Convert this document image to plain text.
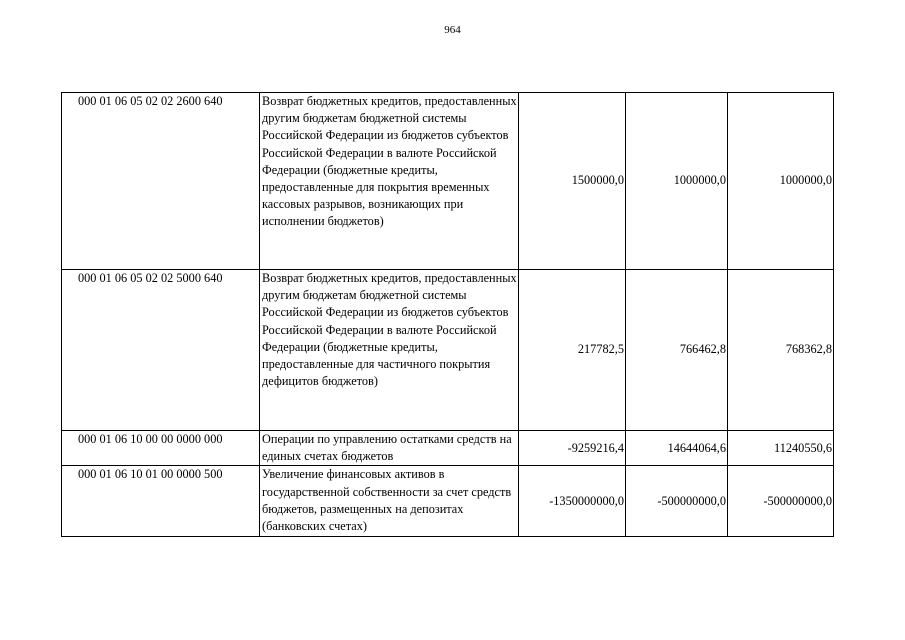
964
000 01 06 05 02 02 2600 640	Возврат бюджетных кредитов, предоставленных другим бюджетам бюджетной системы Российской Федерации из бюджетов субъектов Российской Федерации в валюте Российской Федерации (бюджетные кредиты, предоставленные для покрытия временных кассовых разрывов, возникающих при исполнении бюджетов)	1500000,0	1000000,0	1000000,0
000 01 06 05 02 02 5000 640	Возврат бюджетных кредитов, предоставленных другим бюджетам бюджетной системы Российской Федерации из бюджетов субъектов Российской Федерации в валюте Российской Федерации (бюджетные кредиты, предоставленные для частичного покрытия дефицитов бюджетов)	217782,5	766462,8	768362,8
000 01 06 10 00 00 0000 000	Операции по управлению остатками средств на единых счетах бюджетов	-9259216,4	14644064,6	11240550,6
000 01 06 10 01 00 0000 500	Увеличение финансовых активов в государственной собственности за счет средств бюджетов, размещенных на депозитах (банковских счетах)	-1350000000,0	-500000000,0	-500000000,0
